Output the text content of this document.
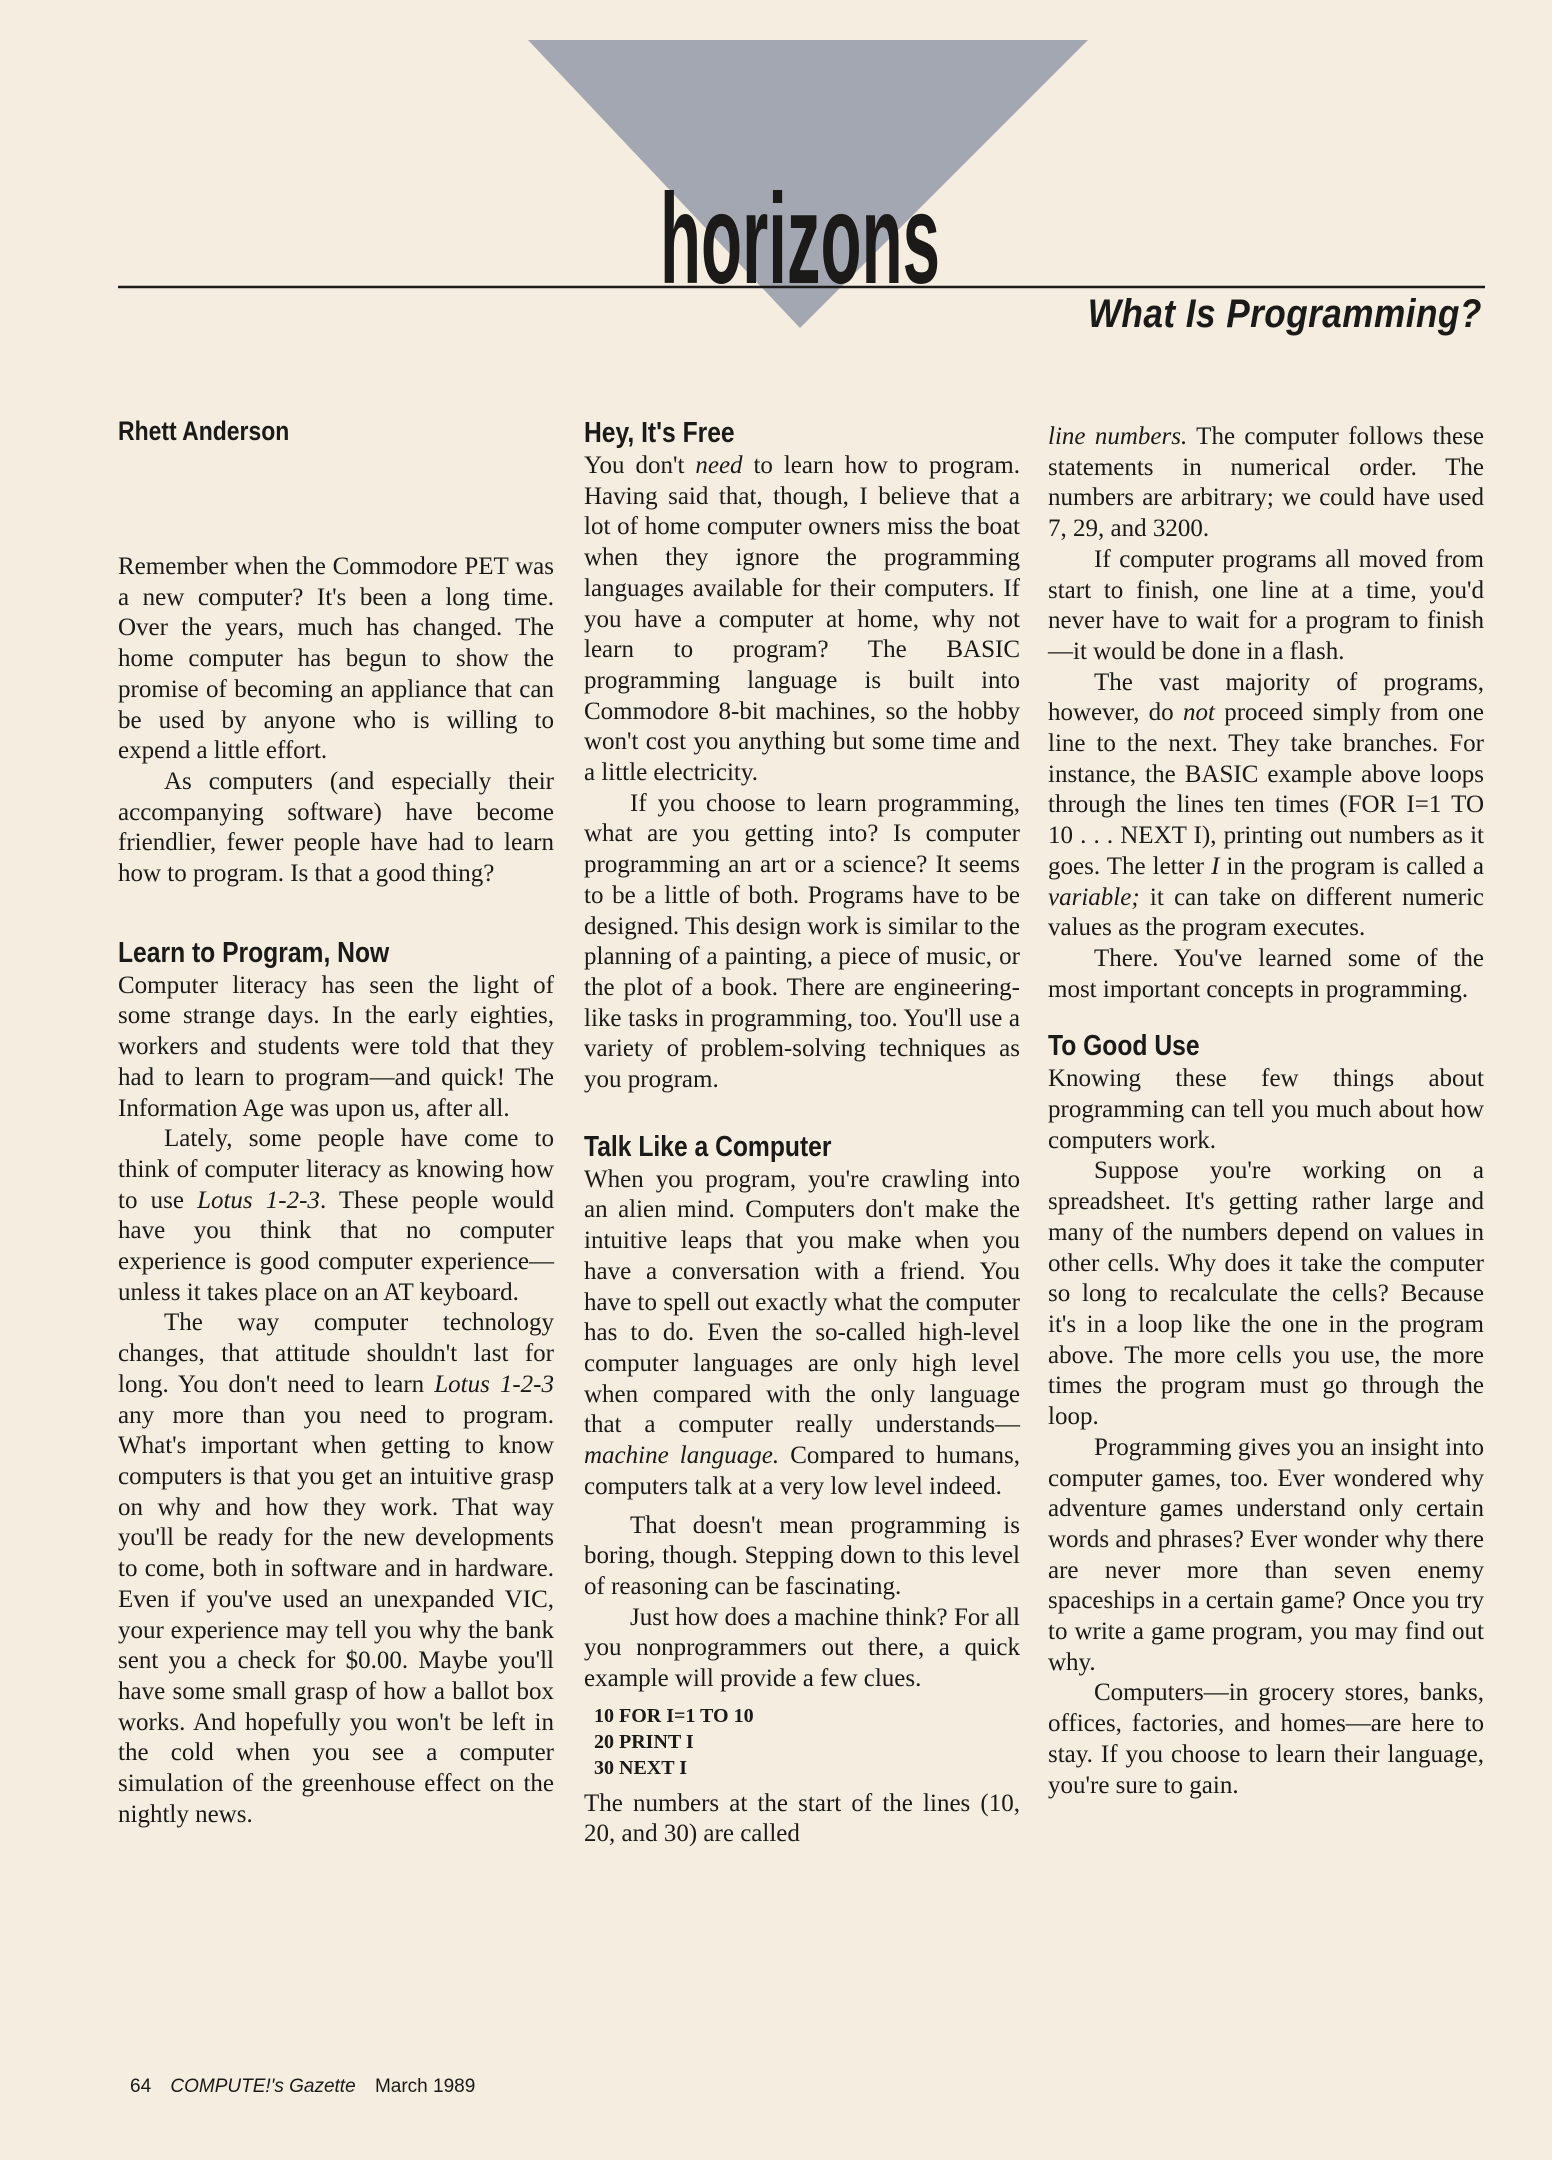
horizons
What Is Programming?
Rhett Anderson

Remember when the Commodore PET was a new computer? It's been a long time. Over the years, much has changed. The home computer has begun to show the promise of becoming an appliance that can be used by anyone who is willing to expend a little effort.

As computers (and especially their accompanying software) have become friendlier, fewer people have had to learn how to program. Is that a good thing?

Learn to Program, Now

Computer literacy has seen the light of some strange days. In the early eighties, workers and students were told that they had to learn to program—and quick! The Information Age was upon us, after all.

Lately, some people have come to think of computer literacy as knowing how to use Lotus 1-2-3. These people would have you think that no computer experience is good computer experience—unless it takes place on an AT keyboard.

The way computer technology changes, that attitude shouldn't last for long. You don't need to learn Lotus 1-2-3 any more than you need to program. What's important when getting to know computers is that you get an intuitive grasp on why and how they work. That way you'll be ready for the new developments to come, both in software and in hardware. Even if you've used an unexpanded VIC, your experience may tell you why the bank sent you a check for $0.00. Maybe you'll have some small grasp of how a ballot box works. And hopefully you won't be left in the cold when you see a computer simulation of the greenhouse effect on the nightly news.

Hey, It's Free

You don't need to learn how to program. Having said that, though, I believe that a lot of home computer owners miss the boat when they ignore the programming languages available for their computers. If you have a computer at home, why not learn to program? The BASIC programming language is built into Commodore 8-bit machines, so the hobby won't cost you anything but some time and a little electricity.

If you choose to learn programming, what are you getting into? Is computer programming an art or a science? It seems to be a little of both. Programs have to be designed. This design work is similar to the planning of a painting, a piece of music, or the plot of a book. There are engineering-like tasks in programming, too. You'll use a variety of problem-solving techniques as you program.

Talk Like a Computer

When you program, you're crawling into an alien mind. Computers don't make the intuitive leaps that you make when you have a conversation with a friend. You have to spell out exactly what the computer has to do. Even the so-called high-level computer languages are only high level when compared with the only language that a computer really understands—machine language. Compared to humans, computers talk at a very low level indeed.

That doesn't mean programming is boring, though. Stepping down to this level of reasoning can be fascinating.

Just how does a machine think? For all you nonprogrammers out there, a quick example will provide a few clues.

10 FOR I=1 TO 10
20 PRINT I
30 NEXT I

The numbers at the start of the lines (10, 20, and 30) are called

line numbers. The computer follows these statements in numerical order. The numbers are arbitrary; we could have used 7, 29, and 3200.

If computer programs all moved from start to finish, one line at a time, you'd never have to wait for a program to finish—it would be done in a flash.

The vast majority of programs, however, do not proceed simply from one line to the next. They take branches. For instance, the BASIC example above loops through the lines ten times (FOR I=1 TO 10 . . . NEXT I), printing out numbers as it goes. The letter I in the program is called a variable; it can take on different numeric values as the program executes.

There. You've learned some of the most important concepts in programming.

To Good Use

Knowing these few things about programming can tell you much about how computers work.

Suppose you're working on a spreadsheet. It's getting rather large and many of the numbers depend on values in other cells. Why does it take the computer so long to recalculate the cells? Because it's in a loop like the one in the program above. The more cells you use, the more times the program must go through the loop.

Programming gives you an insight into computer games, too. Ever wondered why adventure games understand only certain words and phrases? Ever wonder why there are never more than seven enemy spaceships in a certain game? Once you try to write a game program, you may find out why.

Computers—in grocery stores, banks, offices, factories, and homes—are here to stay. If you choose to learn their language, you're sure to gain.

64 COMPUTE!'s Gazette March 1989
